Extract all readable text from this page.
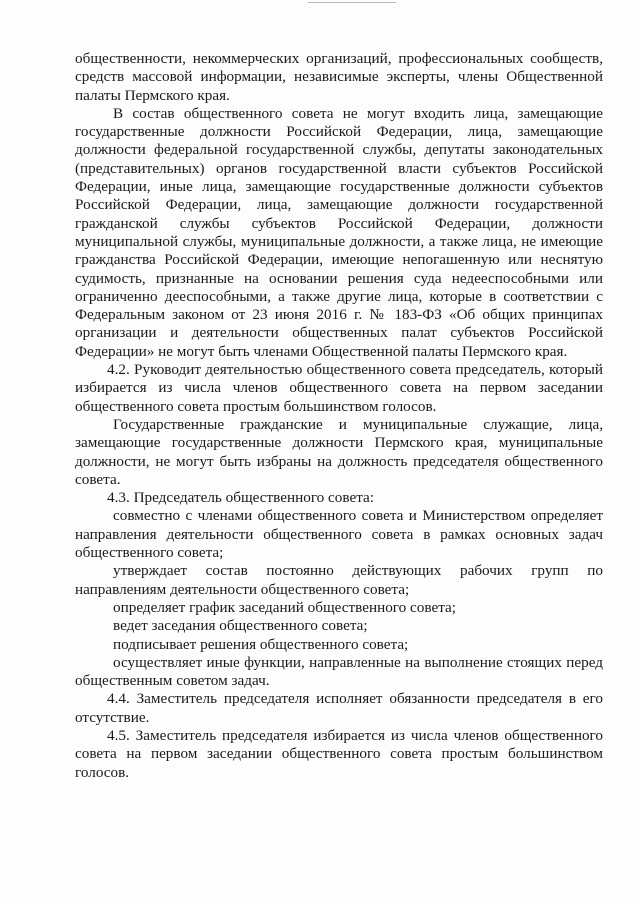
общественности, некоммерческих организаций, профессиональных сообществ, средств массовой информации, независимые эксперты, члены Общественной палаты Пермского края.

В состав общественного совета не могут входить лица, замещающие государственные должности Российской Федерации, лица, замещающие должности федеральной государственной службы, депутаты законодательных (представительных) органов государственной власти субъектов Российской Федерации, иные лица, замещающие государственные должности субъектов Российской Федерации, лица, замещающие должности государственной гражданской службы субъектов Российской Федерации, должности муниципальной службы, муниципальные должности, а также лица, не имеющие гражданства Российской Федерации, имеющие непогашенную или неснятую судимость, признанные на основании решения суда недееспособными или ограниченно дееспособными, а также другие лица, которые в соответствии с Федеральным законом от 23 июня 2016 г. № 183-ФЗ «Об общих принципах организации и деятельности общественных палат субъектов Российской Федерации» не могут быть членами Общественной палаты Пермского края.

4.2. Руководит деятельностью общественного совета председатель, который избирается из числа членов общественного совета на первом заседании общественного совета простым большинством голосов.

Государственные гражданские и муниципальные служащие, лица, замещающие государственные должности Пермского края, муниципальные должности, не могут быть избраны на должность председателя общественного совета.

4.3. Председатель общественного совета:

совместно с членами общественного совета и Министерством определяет направления деятельности общественного совета в рамках основных задач общественного совета;

утверждает состав постоянно действующих рабочих групп по направлениям деятельности общественного совета;

определяет график заседаний общественного совета;

ведет заседания общественного совета;

подписывает решения общественного совета;

осуществляет иные функции, направленные на выполнение стоящих перед общественным советом задач.

4.4. Заместитель председателя исполняет обязанности председателя в его отсутствие.

4.5. Заместитель председателя избирается из числа членов общественного совета на первом заседании общественного совета простым большинством голосов.
